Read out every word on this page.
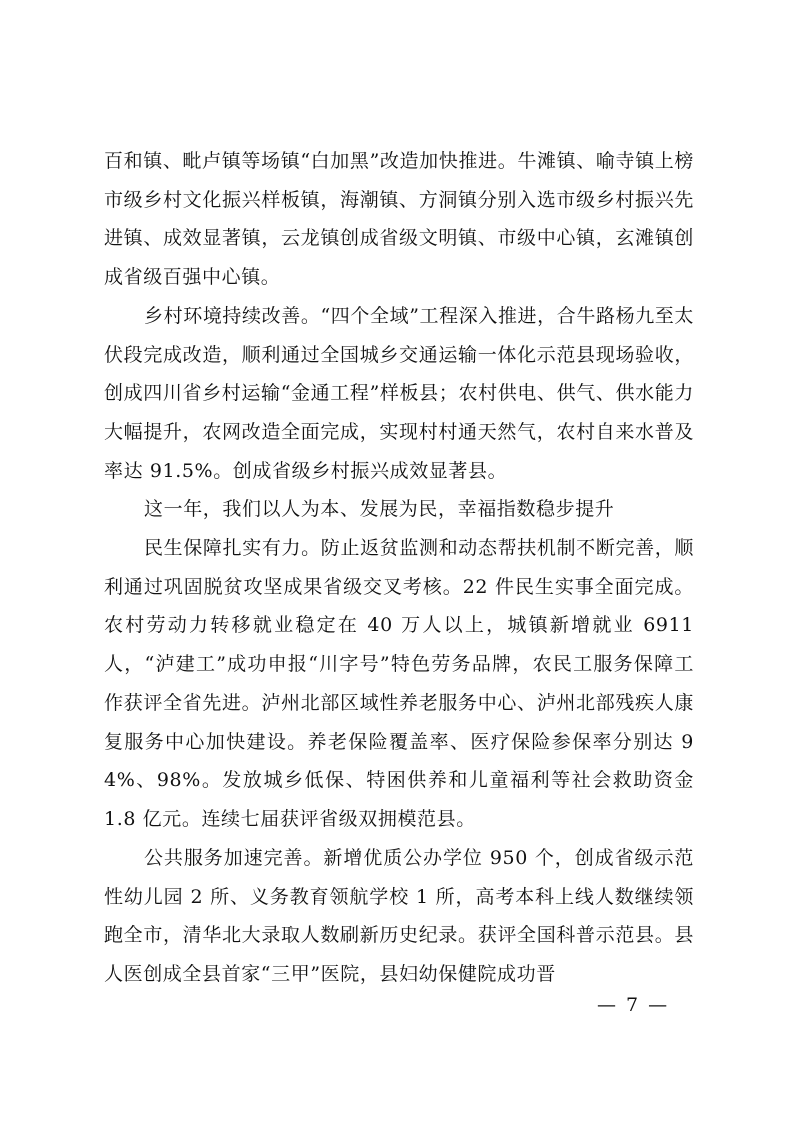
百和镇、毗卢镇等场镇“白加黑”改造加快推进。牛滩镇、喻寺镇上榜市级乡村文化振兴样板镇，海潮镇、方洞镇分别入选市级乡村振兴先进镇、成效显著镇，云龙镇创成省级文明镇、市级中心镇，玄滩镇创成省级百强中心镇。

乡村环境持续改善。“四个全域”工程深入推进，合牛路杨九至太伏段完成改造，顺利通过全国城乡交通运输一体化示范县现场验收，创成四川省乡村运输“金通工程”样板县；农村供电、供气、供水能力大幅提升，农网改造全面完成，实现村村通天然气，农村自来水普及率达 91.5%。创成省级乡村振兴成效显著县。

这一年，我们以人为本、发展为民，幸福指数稳步提升

民生保障扎实有力。防止返贫监测和动态帮扶机制不断完善，顺利通过巩固脱贫攻坚成果省级交叉考核。22 件民生实事全面完成。农村劳动力转移就业稳定在 40 万人以上，城镇新增就业 6911 人，“泸建工”成功申报“川字号”特色劳务品牌，农民工服务保障工作获评全省先进。泸州北部区域性养老服务中心、泸州北部残疾人康复服务中心加快建设。养老保险覆盖率、医疗保险参保率分别达 94%、98%。发放城乡低保、特困供养和儿童福利等社会救助资金 1.8 亿元。连续七届获评省级双拥模范县。

公共服务加速完善。新增优质公办学位 950 个，创成省级示范性幼儿园 2 所、义务教育领航学校 1 所，高考本科上线人数继续领跑全市，清华北大录取人数刷新历史纪录。获评全国科普示范县。县人医创成全县首家“三甲”医院，县妇幼保健院成功晋

— 7 —
